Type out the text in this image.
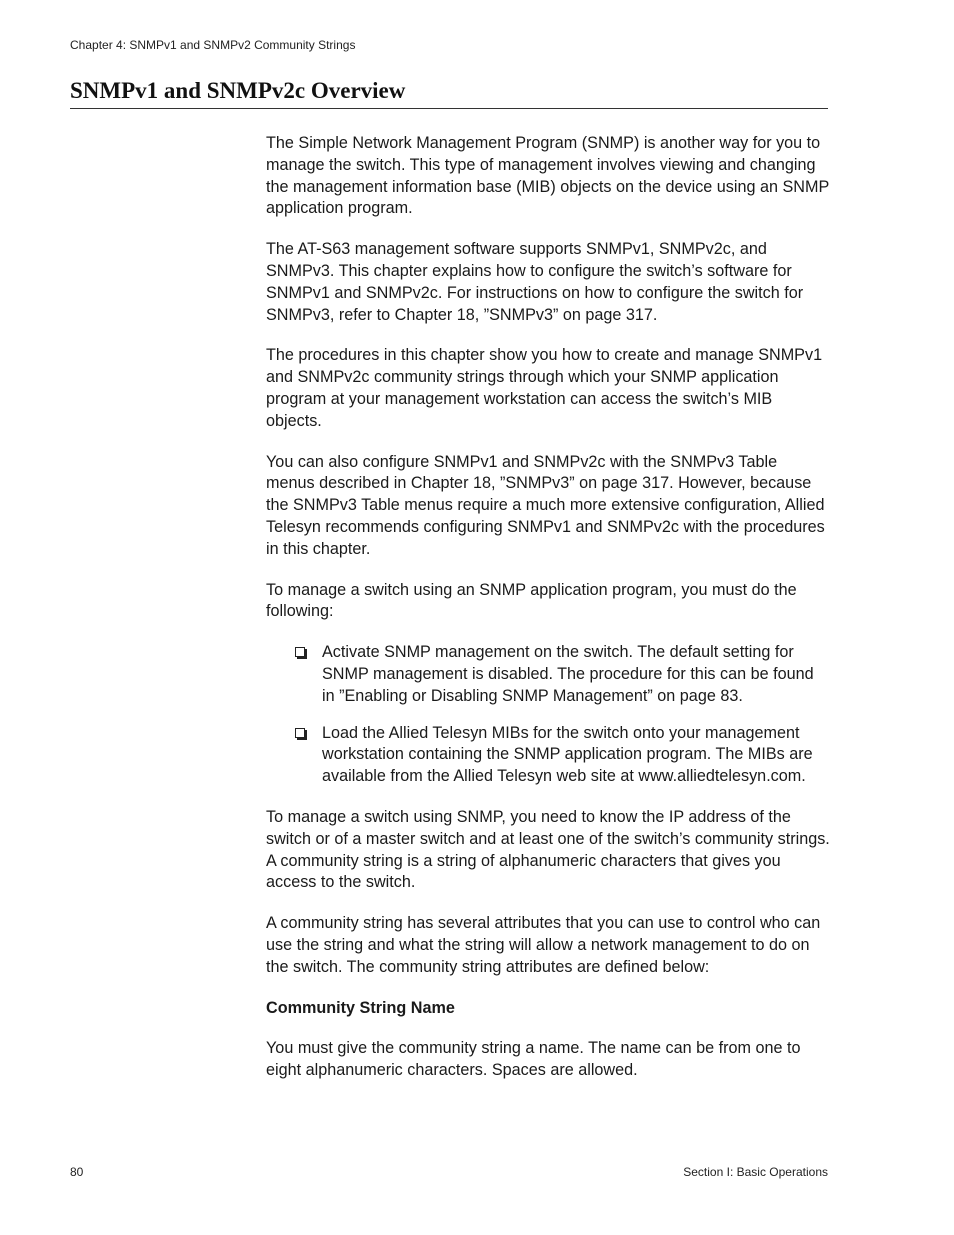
Chapter 4: SNMPv1 and SNMPv2 Community Strings
SNMPv1 and SNMPv2c Overview

The Simple Network Management Program (SNMP) is another way for you to manage the switch. This type of management involves viewing and changing the management information base (MIB) objects on the device using an SNMP application program.

The AT-S63 management software supports SNMPv1, SNMPv2c, and SNMPv3. This chapter explains how to configure the switch’s software for SNMPv1 and SNMPv2c. For instructions on how to configure the switch for SNMPv3, refer to Chapter 18, ”SNMPv3” on page 317.

The procedures in this chapter show you how to create and manage SNMPv1 and SNMPv2c community strings through which your SNMP application program at your management workstation can access the switch’s MIB objects.

You can also configure SNMPv1 and SNMPv2c with the SNMPv3 Table menus described in Chapter 18, ”SNMPv3” on page 317. However, because the SNMPv3 Table menus require a much more extensive configuration, Allied Telesyn recommends configuring SNMPv1 and SNMPv2c with the procedures in this chapter.

To manage a switch using an SNMP application program, you must do the following:

Activate SNMP management on the switch. The default setting for SNMP management is disabled. The procedure for this can be found in ”Enabling or Disabling SNMP Management” on page 83.
Load the Allied Telesyn MIBs for the switch onto your management workstation containing the SNMP application program. The MIBs are available from the Allied Telesyn web site at www.alliedtelesyn.com.

To manage a switch using SNMP, you need to know the IP address of the switch or of a master switch and at least one of the switch’s community strings. A community string is a string of alphanumeric characters that gives you access to the switch.

A community string has several attributes that you can use to control who can use the string and what the string will allow a network management to do on the switch. The community string attributes are defined below:

Community String Name

You must give the community string a name. The name can be from one to eight alphanumeric characters. Spaces are allowed.

80	Section I: Basic Operations
